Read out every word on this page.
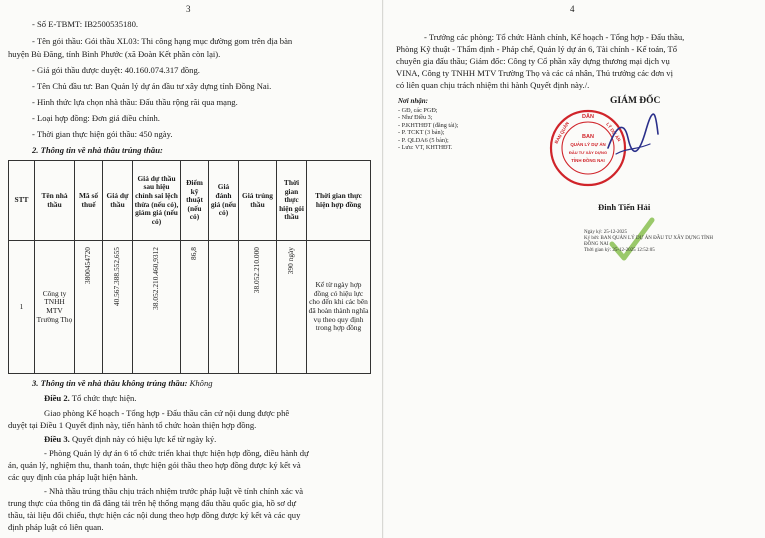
3

- Số E-TBMT: IB2500535180.

- Tên gói thầu: Gói thầu XL03: Thi công hạng mục đường gom trên địa bàn

huyện Bù Đăng, tỉnh Bình Phước (xã Đoàn Kết phần còn lại).

- Giá gói thầu được duyệt: 40.160.074.317 đồng.

- Tên Chủ đầu tư: Ban Quản lý dự án đầu tư xây dựng tỉnh Đồng Nai.

- Hình thức lựa chọn nhà thầu: Đấu thầu rộng rãi qua mạng.

- Loại hợp đồng: Đơn giá điều chỉnh.

- Thời gian thực hiện gói thầu: 450 ngày.

2. Thông tin về nhà thầu trúng thầu:

STT	Tên nhà thầu	Mã số thuế	Giá dự thầu	Giá dự thầu sau hiệu chỉnh sai lệch thừa (nếu có), giảm giá (nếu có)	Điểm kỹ thuật (nếu có)	Giá đánh giá (nếu có)	Giá trúng thầu	Thời gian thực hiện gói thầu	Thời gian thực hiện hợp đồng
1	Công ty TNHH MTV Trường Thọ	3800454720	40.567.388.552,655	38.052.210.460,9312	86,8		38.052.210.000	390 ngày	Kể từ ngày hợp đồng có hiệu lực cho đến khi các bên đã hoàn thành nghĩa vụ theo quy định trong hợp đồng

3. Thông tin về nhà thầu không trúng thầu: Không

Điều 2. Tổ chức thực hiện.

Giao phòng Kế hoạch - Tổng hợp - Đấu thầu căn cứ nội dung được phê

duyệt tại Điều 1 Quyết định này, tiến hành tổ chức hoàn thiện hợp đồng.

Điều 3. Quyết định này có hiệu lực kể từ ngày ký.

- Phòng Quản lý dự án 6 tổ chức triển khai thực hiện hợp đồng, điều hành dự

án, quản lý, nghiệm thu, thanh toán, thực hiện gói thầu theo hợp đồng được ký kết và

các quy định của pháp luật hiện hành.

- Nhà thầu trúng thầu chịu trách nhiệm trước pháp luật về tính chính xác và

trung thực của thông tin đã đăng tải trên hệ thống mạng đấu thầu quốc gia, hồ sơ dự

thầu, tài liệu đối chiếu, thực hiện các nội dung theo hợp đồng được ký kết và các quy

định pháp luật có liên quan.

4

- Trưởng các phòng: Tổ chức Hành chính, Kế hoạch - Tổng hợp - Đấu thầu,

Phòng Kỹ thuật - Thẩm định - Pháp chế, Quản lý dự án 6, Tài chính - Kế toán, Tổ

chuyên gia đấu thầu; Giám đốc: Công ty Cổ phần xây dựng thương mại dịch vụ

VINA, Công ty TNHH MTV Trường Thọ và các cá nhân, Thủ trưởng các đơn vị

có liên quan chịu trách nhiệm thi hành Quyết định này./.

Nơi nhận:

- GĐ, các PGĐ;
- Như Điều 3;
- P.KHTHĐT (đăng tải);
- P. TCKT (3 bản);
- P. QLDA6 (5 bản);
- Lưu: VT, KHTHĐT.

GIÁM ĐỐC

DÂN
BAN QUẢN	LÝ DỰ ÁN
BAN
QUẢN LÝ DỰ ÁN
ĐẦU TƯ XÂY DỰNG
TỈNH ĐỒNG NAI

Đinh Tiến Hải

Ngày ký: 25-12-2025
Ký bởi: BAN QUẢN LÝ DỰ ÁN ĐẦU TƯ XÂY DỰNG TỈNH
ĐỒNG NAI
Thời gian ký: 25-12-2025 12:52:05
